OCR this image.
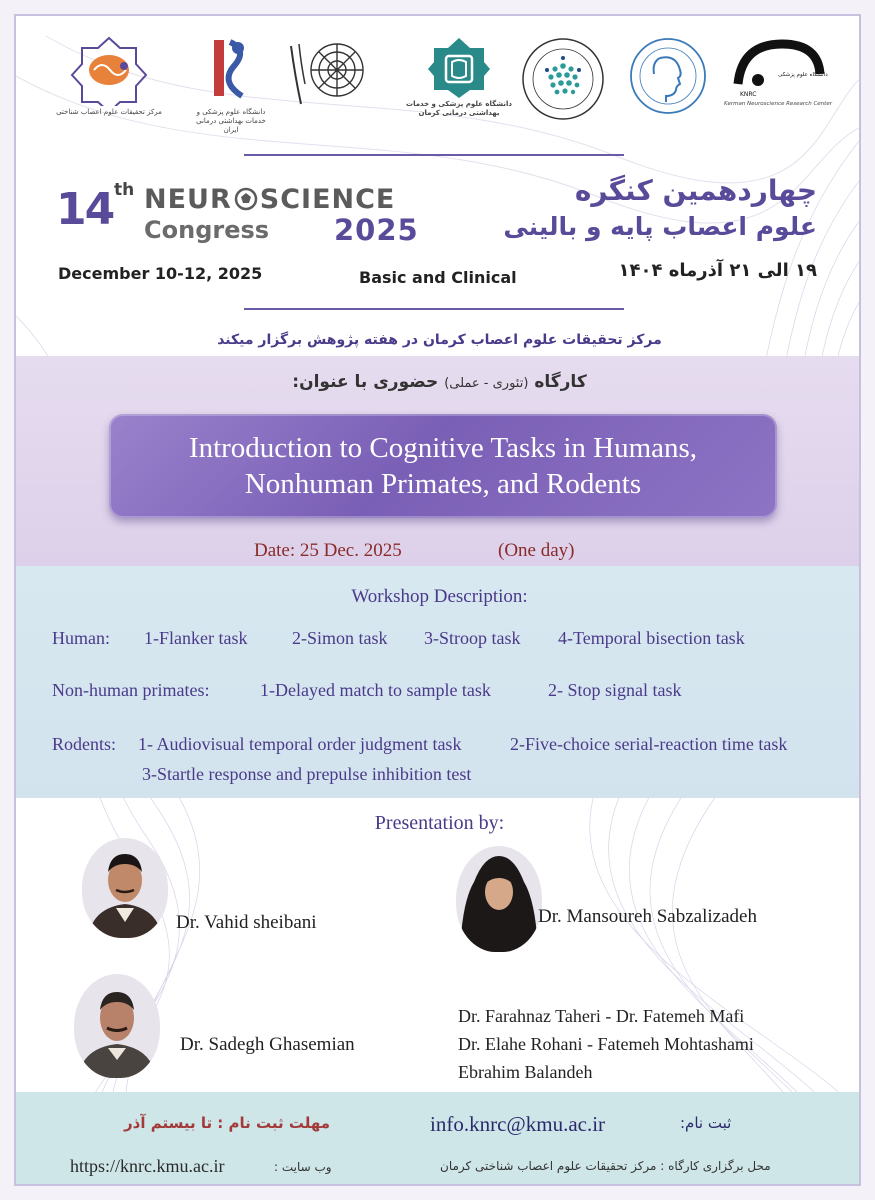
مرکز تحقیقات علوم اعصاب شناختی	دانشگاه علوم پزشکی و خدمات بهداشتی درمانی ایران
دانشگاه علوم پزشکی و خدمات بهداشتی درمانی کرمان
KNRC
دانشگاه علوم پزشکی
Kerman Neuroscience Research Center
14 th NEUR SCIENCE
Congress 2025
چهاردهمین کنگره
علوم اعصاب پایه و بالینی
December 10-12, 2025	Basic and Clinical	۱۹ الی ۲۱ آذرماه ۱۴۰۴
مرکز تحقیقات علوم اعصاب کرمان در هفته پژوهش برگزار میکند
کارگاه (تئوری - عملی) حضوری با عنوان:
Introduction to Cognitive Tasks in Humans,
Nonhuman Primates, and Rodents
Date: 25 Dec. 2025	(One day)
Workshop Description:
Human: 1-Flanker task 2-Simon task 3-Stroop task 4-Temporal bisection task
Non-human primates:	1-Delayed match to sample task	2- Stop signal task
Rodents: 1- Audiovisual temporal order judgment task	2-Five-choice serial-reaction time task
3-Startle response and prepulse inhibition test
Presentation by:
Dr. Vahid sheibani	Dr. Mansoureh Sabzalizadeh
Dr. Sadegh Ghasemian
Dr. Farahnaz Taheri - Dr. Fatemeh Mafi
Dr. Elahe Rohani - Fatemeh Mohtashami
Ebrahim Balandeh
مهلت ثبت نام : تا بیستم آذر	info.knrc@kmu.ac.ir	ثبت نام:
https://knrc.kmu.ac.ir	وب سایت :	محل برگزاری کارگاه : مرکز تحقیقات علوم اعصاب شناختی کرمان
